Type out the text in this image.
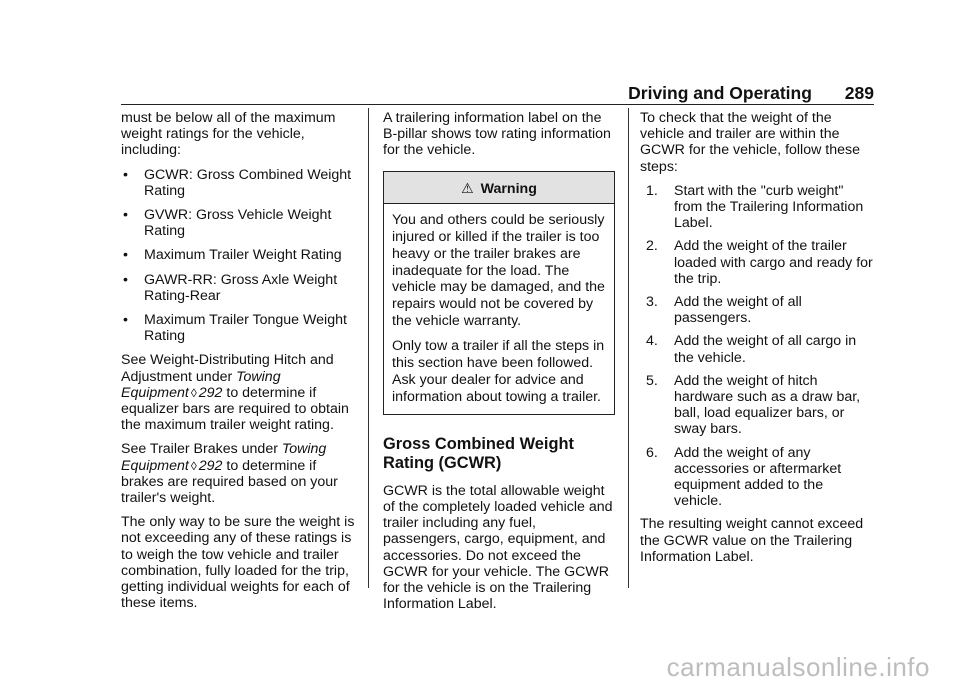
Driving and Operating 289

must be below all of the maximum weight ratings for the vehicle, including:

• GCWR: Gross Combined Weight Rating
• GVWR: Gross Vehicle Weight Rating
• Maximum Trailer Weight Rating
• GAWR-RR: Gross Axle Weight Rating-Rear
• Maximum Trailer Tongue Weight Rating

See Weight-Distributing Hitch and Adjustment under Towing Equipment ◊ 292 to determine if equalizer bars are required to obtain the maximum trailer weight rating.

See Trailer Brakes under Towing Equipment ◊ 292 to determine if brakes are required based on your trailer's weight.

The only way to be sure the weight is not exceeding any of these ratings is to weigh the tow vehicle and trailer combination, fully loaded for the trip, getting individual weights for each of these items.

A trailering information label on the B-pillar shows tow rating information for the vehicle.

⚠ Warning

You and others could be seriously injured or killed if the trailer is too heavy or the trailer brakes are inadequate for the load. The vehicle may be damaged, and the repairs would not be covered by the vehicle warranty.

Only tow a trailer if all the steps in this section have been followed. Ask your dealer for advice and information about towing a trailer.

Gross Combined Weight Rating (GCWR)

GCWR is the total allowable weight of the completely loaded vehicle and trailer including any fuel, passengers, cargo, equipment, and accessories. Do not exceed the GCWR for your vehicle. The GCWR for the vehicle is on the Trailering Information Label.

To check that the weight of the vehicle and trailer are within the GCWR for the vehicle, follow these steps:

1. Start with the "curb weight" from the Trailering Information Label.
2. Add the weight of the trailer loaded with cargo and ready for the trip.
3. Add the weight of all passengers.
4. Add the weight of all cargo in the vehicle.
5. Add the weight of hitch hardware such as a draw bar, ball, load equalizer bars, or sway bars.
6. Add the weight of any accessories or aftermarket equipment added to the vehicle.

The resulting weight cannot exceed the GCWR value on the Trailering Information Label.

carmanualsonline.info
